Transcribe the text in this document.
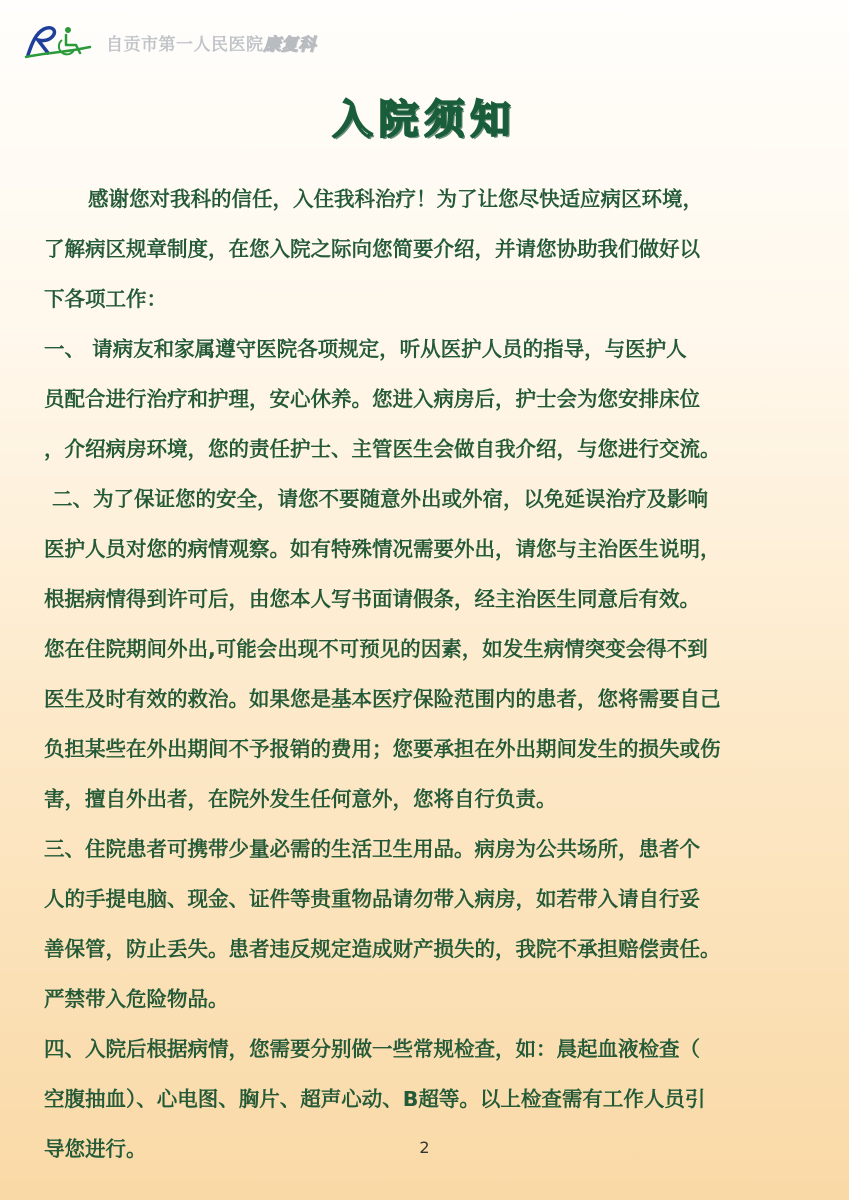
自贡市第一人民医院康复科
入院须知
感谢您对我科的信任，入住我科治疗！为了让您尽快适应病区环境，
了解病区规章制度，在您入院之际向您简要介绍，并请您协助我们做好以
下各项工作：
一、 请病友和家属遵守医院各项规定，听从医护人员的指导，与医护人
员配合进行治疗和护理，安心休养。您进入病房后，护士会为您安排床位
，介绍病房环境，您的责任护士、主管医生会做自我介绍，与您进行交流。
二、为了保证您的安全，请您不要随意外出或外宿，以免延误治疗及影响
医护人员对您的病情观察。如有特殊情况需要外出，请您与主治医生说明，
根据病情得到许可后，由您本人写书面请假条，经主治医生同意后有效。
您在住院期间外出,可能会出现不可预见的因素，如发生病情突变会得不到
医生及时有效的救治。如果您是基本医疗保险范围内的患者，您将需要自己
负担某些在外出期间不予报销的费用；您要承担在外出期间发生的损失或伤
害，擅自外出者，在院外发生任何意外，您将自行负责。
三、住院患者可携带少量必需的生活卫生用品。病房为公共场所，患者个
人的手提电脑、现金、证件等贵重物品请勿带入病房，如若带入请自行妥
善保管，防止丢失。患者违反规定造成财产损失的，我院不承担赔偿责任。
严禁带入危险物品。
四、入院后根据病情，您需要分别做一些常规检查，如：晨起血液检查（
空腹抽血）、心电图、胸片、超声心动、B超等。以上检查需有工作人员引
导您进行。	2
